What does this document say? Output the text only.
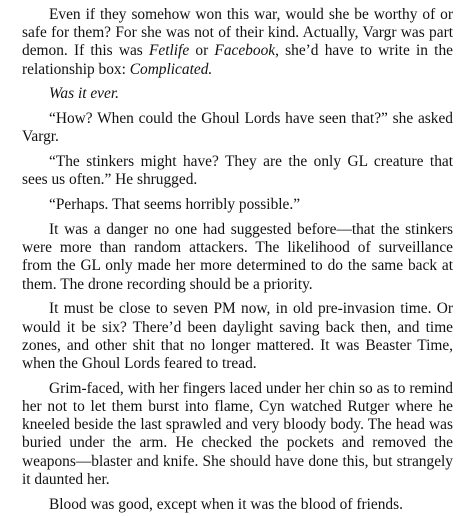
Even if they somehow won this war, would she be worthy of or safe for them? For she was not of their kind. Actually, Vargr was part demon. If this was Fetlife or Facebook, she’d have to write in the relationship box: Complicated.

Was it ever.

“How? When could the Ghoul Lords have seen that?” she asked Vargr.

“The stinkers might have? They are the only GL creature that sees us often.” He shrugged.

“Perhaps. That seems horribly possible.”

It was a danger no one had suggested before—that the stinkers were more than random attackers. The likelihood of surveillance from the GL only made her more determined to do the same back at them. The drone recording should be a priority.

It must be close to seven PM now, in old pre-invasion time. Or would it be six? There’d been daylight saving back then, and time zones, and other shit that no longer mattered. It was Beaster Time, when the Ghoul Lords feared to tread.

Grim-faced, with her fingers laced under her chin so as to remind her not to let them burst into flame, Cyn watched Rutger where he kneeled beside the last sprawled and very bloody body. The head was buried under the arm. He checked the pockets and removed the weapons—blaster and knife. She should have done this, but strangely it daunted her.

Blood was good, except when it was the blood of friends.
